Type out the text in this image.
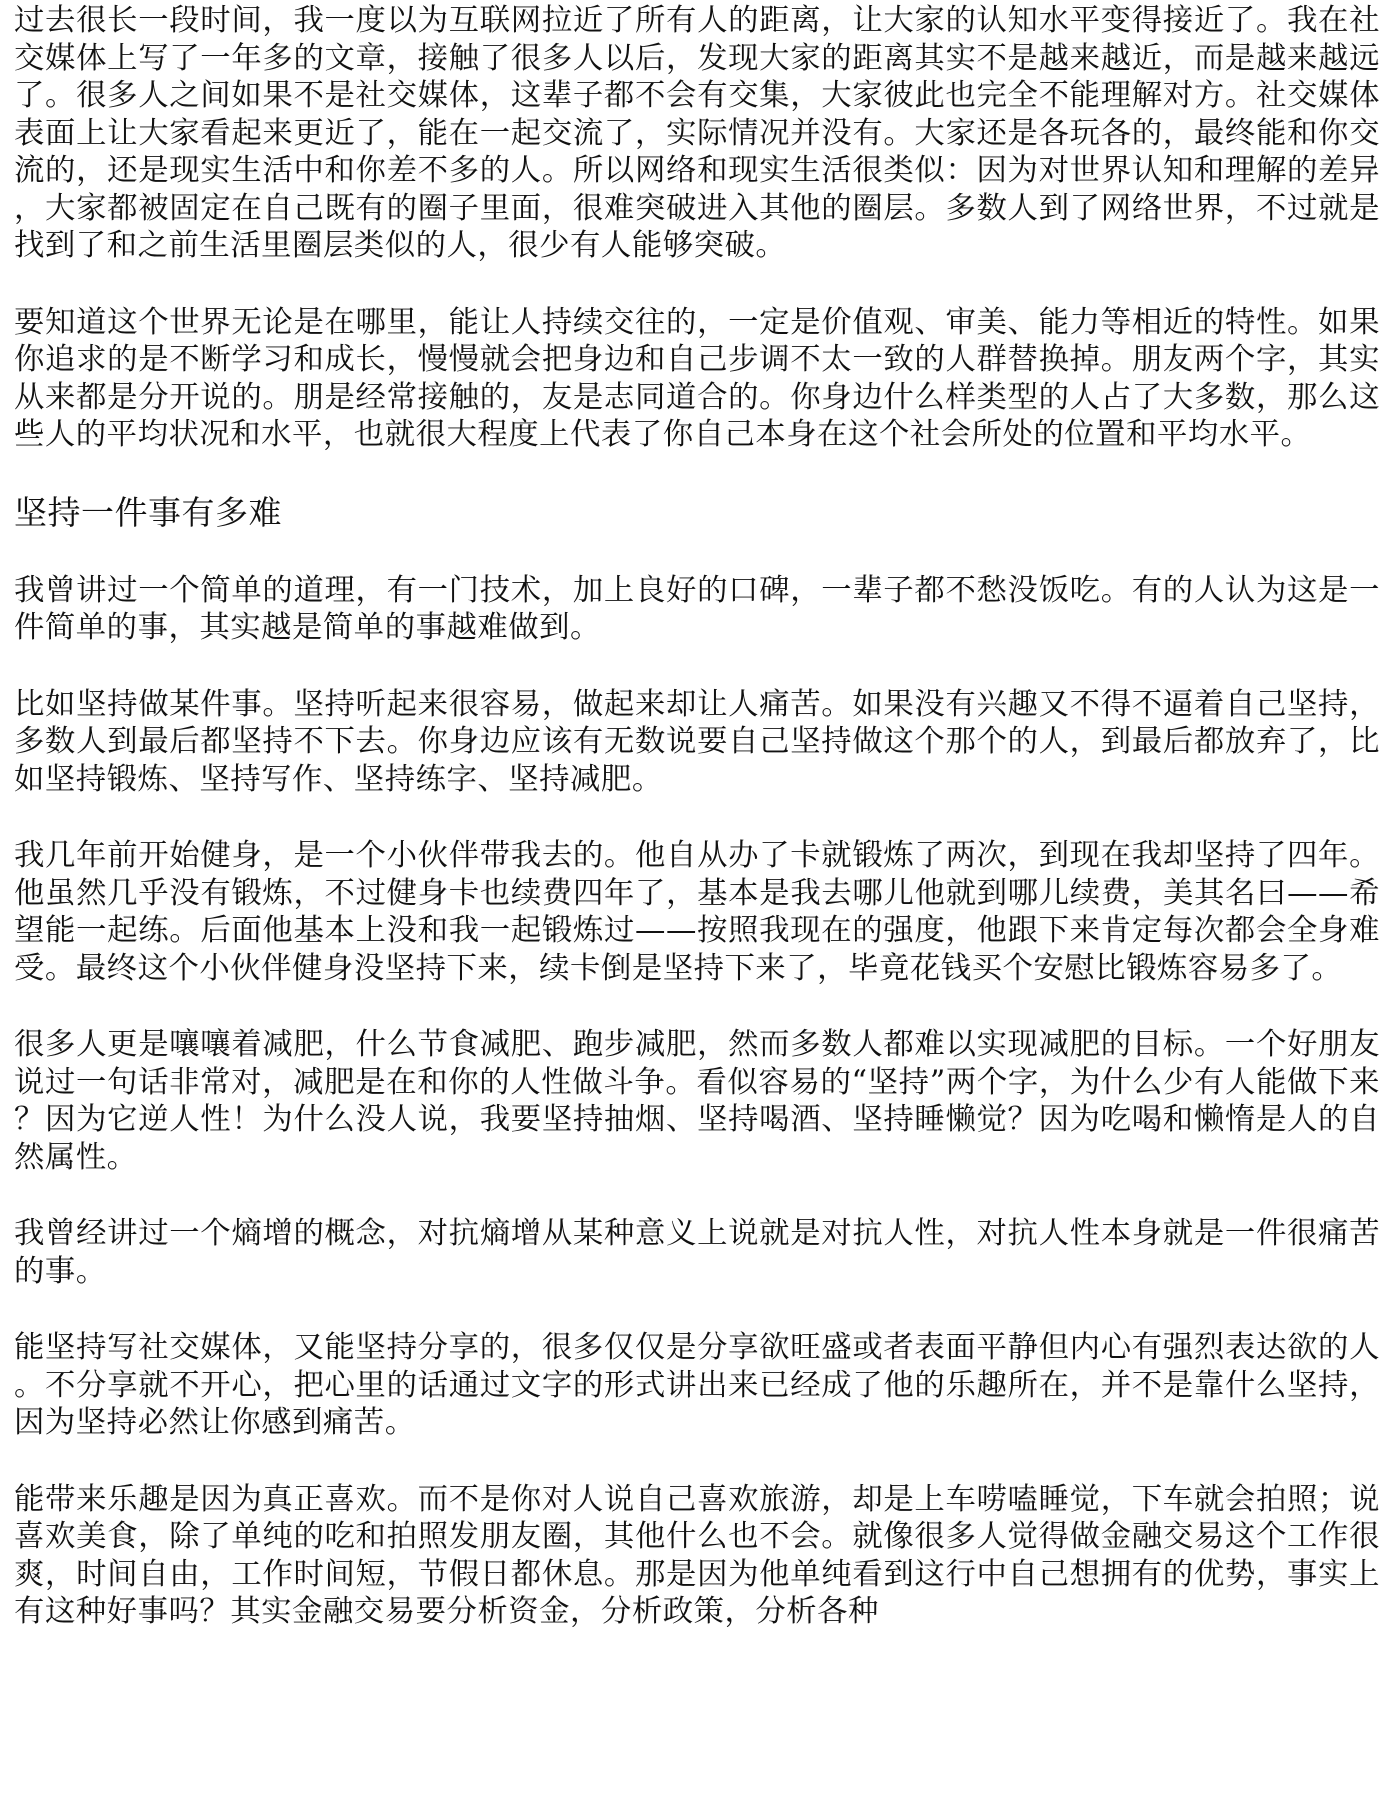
过去很长一段时间，我一度以为互联网拉近了所有人的距离，让大家的认知水平变得接近了。我在社交媒体上写了一年多的文章，接触了很多人以后，发现大家的距离其实不是越来越近，而是越来越远了。很多人之间如果不是社交媒体，这辈子都不会有交集，大家彼此也完全不能理解对方。社交媒体表面上让大家看起来更近了，能在一起交流了，实际情况并没有。大家还是各玩各的，最终能和你交流的，还是现实生活中和你差不多的人。所以网络和现实生活很类似：因为对世界认知和理解的差异，大家都被固定在自己既有的圈子里面，很难突破进入其他的圈层。多数人到了网络世界，不过就是找到了和之前生活里圈层类似的人，很少有人能够突破。

要知道这个世界无论是在哪里，能让人持续交往的，一定是价值观、审美、能力等相近的特性。如果你追求的是不断学习和成长，慢慢就会把身边和自己步调不太一致的人群替换掉。朋友两个字，其实从来都是分开说的。朋是经常接触的，友是志同道合的。你身边什么样类型的人占了大多数，那么这些人的平均状况和水平，也就很大程度上代表了你自己本身在这个社会所处的位置和平均水平。

坚持一件事有多难

我曾讲过一个简单的道理，有一门技术，加上良好的口碑，一辈子都不愁没饭吃。有的人认为这是一件简单的事，其实越是简单的事越难做到。

比如坚持做某件事。坚持听起来很容易，做起来却让人痛苦。如果没有兴趣又不得不逼着自己坚持，多数人到最后都坚持不下去。你身边应该有无数说要自己坚持做这个那个的人，到最后都放弃了，比如坚持锻炼、坚持写作、坚持练字、坚持减肥。

我几年前开始健身，是一个小伙伴带我去的。他自从办了卡就锻炼了两次，到现在我却坚持了四年。他虽然几乎没有锻炼，不过健身卡也续费四年了，基本是我去哪儿他就到哪儿续费，美其名曰——希望能一起练。后面他基本上没和我一起锻炼过——按照我现在的强度，他跟下来肯定每次都会全身难受。最终这个小伙伴健身没坚持下来，续卡倒是坚持下来了，毕竟花钱买个安慰比锻炼容易多了。

很多人更是嚷嚷着减肥，什么节食减肥、跑步减肥，然而多数人都难以实现减肥的目标。一个好朋友说过一句话非常对，减肥是在和你的人性做斗争。看似容易的“坚持”两个字，为什么少有人能做下来？因为它逆人性！为什么没人说，我要坚持抽烟、坚持喝酒、坚持睡懒觉？因为吃喝和懒惰是人的自然属性。

我曾经讲过一个熵增的概念，对抗熵增从某种意义上说就是对抗人性，对抗人性本身就是一件很痛苦的事。

能坚持写社交媒体，又能坚持分享的，很多仅仅是分享欲旺盛或者表面平静但内心有强烈表达欲的人。不分享就不开心，把心里的话通过文字的形式讲出来已经成了他的乐趣所在，并不是靠什么坚持，因为坚持必然让你感到痛苦。

能带来乐趣是因为真正喜欢。而不是你对人说自己喜欢旅游，却是上车唠嗑睡觉，下车就会拍照；说喜欢美食，除了单纯的吃和拍照发朋友圈，其他什么也不会。就像很多人觉得做金融交易这个工作很爽，时间自由，工作时间短，节假日都休息。那是因为他单纯看到这行中自己想拥有的优势，事实上有这种好事吗？其实金融交易要分析资金，分析政策，分析各种
